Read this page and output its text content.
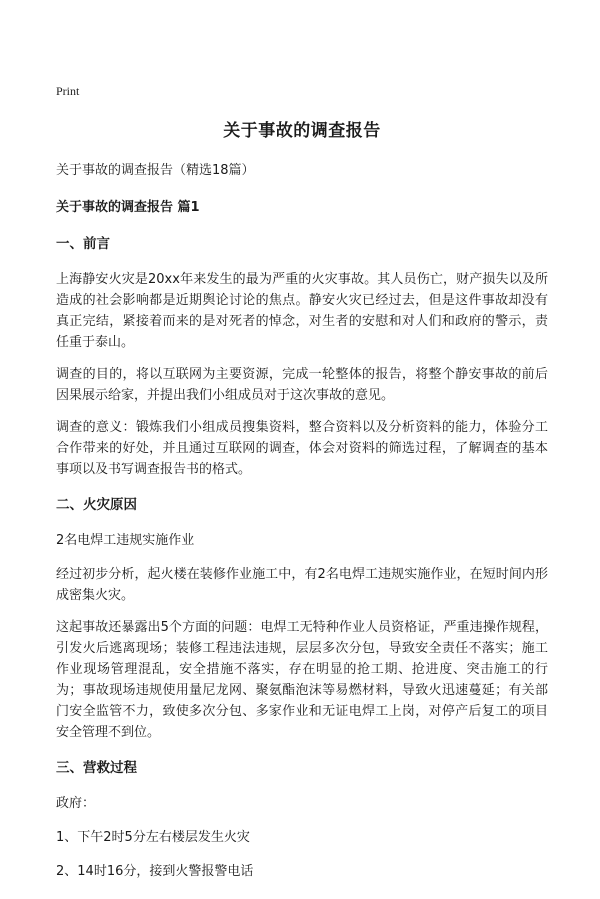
Print
关于事故的调查报告
关于事故的调查报告（精选18篇）
关于事故的调查报告 篇1
一、前言

上海静安火灾是20xx年来发生的最为严重的火灾事故。其人员伤亡，财产损失以及所造成的社会影响都是近期舆论讨论的焦点。静安火灾已经过去，但是这件事故却没有真正完结，紧接着而来的是对死者的悼念，对生者的安慰和对人们和政府的警示，责任重于泰山。

调查的目的，将以互联网为主要资源，完成一轮整体的报告，将整个静安事故的前后因果展示给家，并提出我们小组成员对于这次事故的意见。

调查的意义：锻炼我们小组成员搜集资料，整合资料以及分析资料的能力，体验分工合作带来的好处，并且通过互联网的调查，体会对资料的筛选过程，了解调查的基本事项以及书写调查报告书的格式。

二、火灾原因

2名电焊工违规实施作业

经过初步分析，起火楼在装修作业施工中，有2名电焊工违规实施作业，在短时间内形成密集火灾。

这起事故还暴露出5个方面的问题：电焊工无特种作业人员资格证，严重违操作规程，引发火后逃离现场；装修工程违法违规，层层多次分包，导致安全责任不落实；施工作业现场管理混乱，安全措施不落实，存在明显的抢工期、抢进度、突击施工的行为；事故现场违规使用量尼龙网、聚氨酯泡沫等易燃材料，导致火迅速蔓延；有关部门安全监管不力，致使多次分包、多家作业和无证电焊工上岗，对停产后复工的项目安全管理不到位。

三、营救过程

政府：

1、下午2时5分左右楼层发生火灾

2、14时16分，接到火警报警电话
